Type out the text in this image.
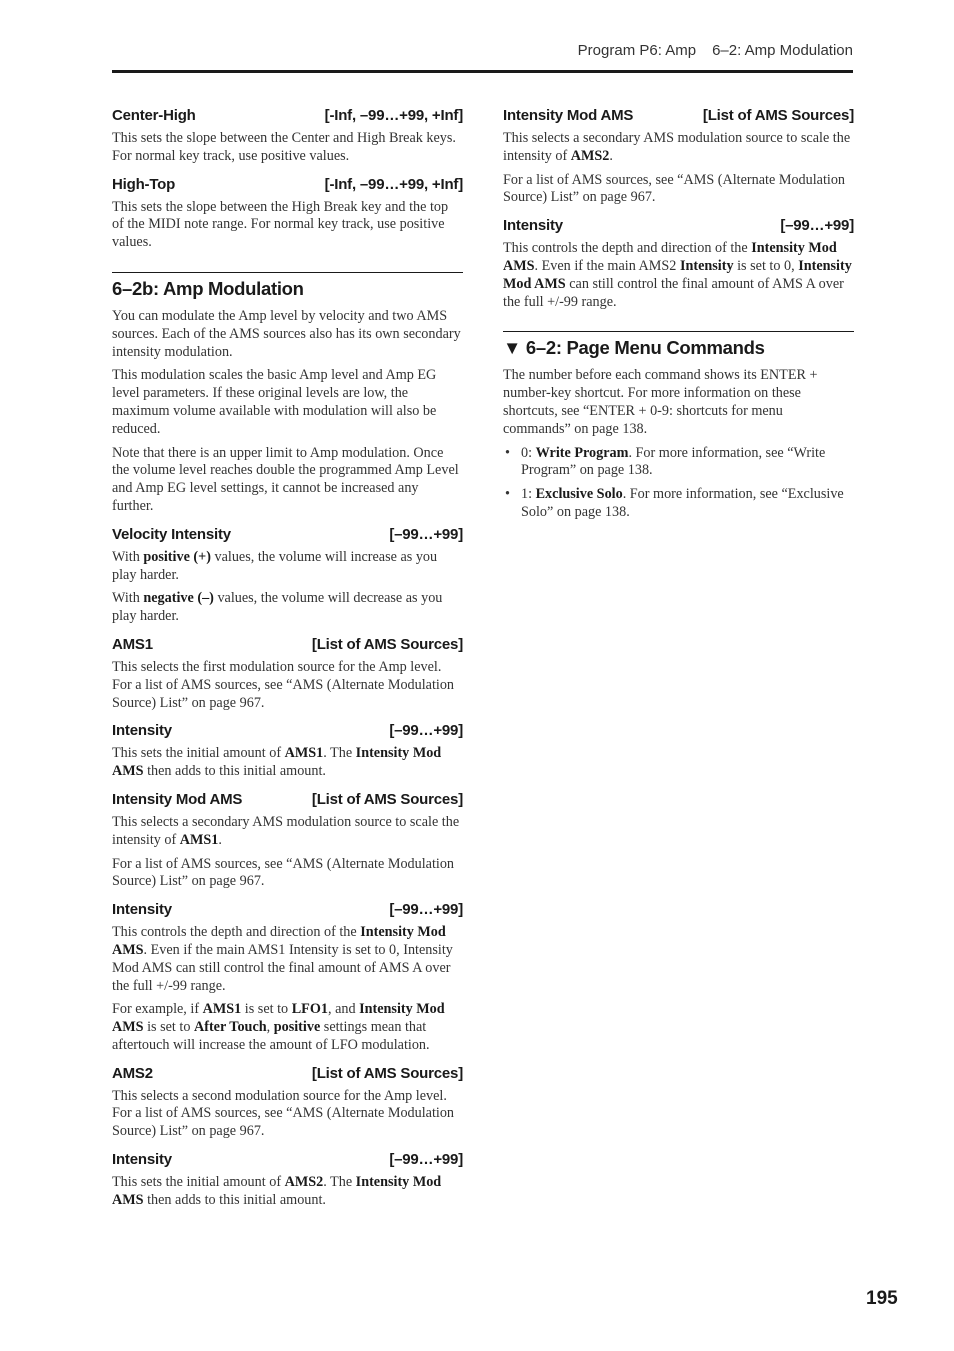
Program P6: Amp 6–2: Amp Modulation
Center-High	[-Inf, –99…+99, +Inf]

This sets the slope between the Center and High Break keys. For normal key track, use positive values.

High-Top	[-Inf, –99…+99, +Inf]

This sets the slope between the High Break key and the top of the MIDI note range. For normal key track, use positive values.

6–2b: Amp Modulation

You can modulate the Amp level by velocity and two AMS sources. Each of the AMS sources also has its own secondary intensity modulation.

This modulation scales the basic Amp level and Amp EG level parameters. If these original levels are low, the maximum volume available with modulation will also be reduced.

Note that there is an upper limit to Amp modulation. Once the volume level reaches double the programmed Amp Level and Amp EG level settings, it cannot be increased any further.

Velocity Intensity	[–99…+99]

With positive (+) values, the volume will increase as you play harder.

With negative (–) values, the volume will decrease as you play harder.

AMS1	[List of AMS Sources]

This selects the first modulation source for the Amp level. For a list of AMS sources, see “AMS (Alternate Modulation Source) List” on page 967.

Intensity	[–99…+99]

This sets the initial amount of AMS1. The Intensity Mod AMS then adds to this initial amount.

Intensity Mod AMS	[List of AMS Sources]

This selects a secondary AMS modulation source to scale the intensity of AMS1.

For a list of AMS sources, see “AMS (Alternate Modulation Source) List” on page 967.

Intensity	[–99…+99]

This controls the depth and direction of the Intensity Mod AMS. Even if the main AMS1 Intensity is set to 0, Intensity Mod AMS can still control the final amount of AMS A over the full +/-99 range.

For example, if AMS1 is set to LFO1, and Intensity Mod AMS is set to After Touch, positive settings mean that aftertouch will increase the amount of LFO modulation.

AMS2	[List of AMS Sources]

This selects a second modulation source for the Amp level. For a list of AMS sources, see “AMS (Alternate Modulation Source) List” on page 967.

Intensity	[–99…+99]

This sets the initial amount of AMS2. The Intensity Mod AMS then adds to this initial amount.

Intensity Mod AMS	[List of AMS Sources]

This selects a secondary AMS modulation source to scale the intensity of AMS2.

For a list of AMS sources, see “AMS (Alternate Modulation Source) List” on page 967.

Intensity	[–99…+99]

This controls the depth and direction of the Intensity Mod AMS. Even if the main AMS2 Intensity is set to 0, Intensity Mod AMS can still control the final amount of AMS A over the full +/-99 range.

▼ 6–2: Page Menu Commands

The number before each command shows its ENTER + number-key shortcut. For more information on these shortcuts, see “ENTER + 0-9: shortcuts for menu commands” on page 138.

• 0: Write Program. For more information, see “Write Program” on page 138.
• 1: Exclusive Solo. For more information, see “Exclusive Solo” on page 138.
195
